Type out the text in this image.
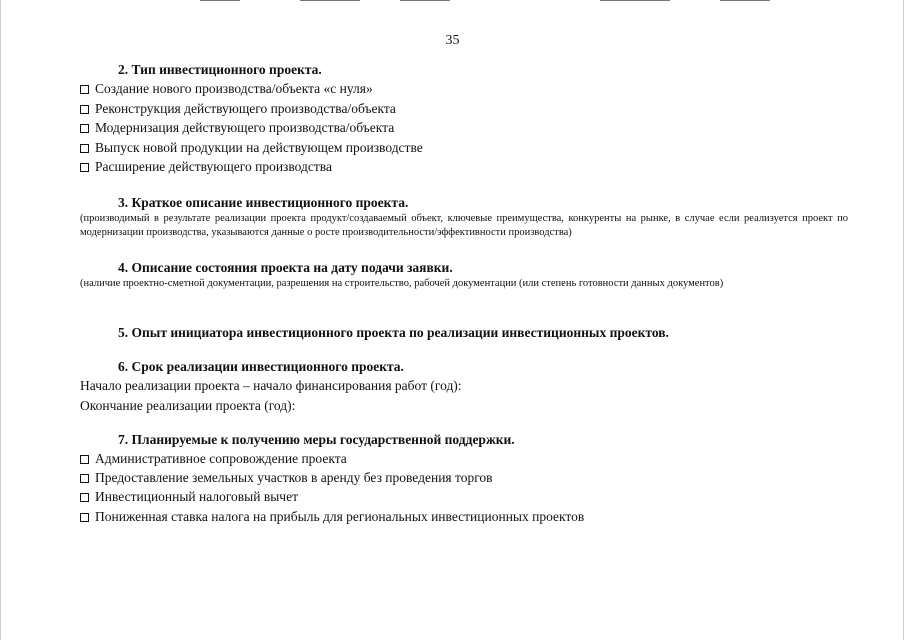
35
2. Тип инвестиционного проекта.
Создание нового производства/объекта «с нуля»
Реконструкция действующего производства/объекта
Модернизация действующего производства/объекта
Выпуск новой продукции на действующем производстве
Расширение действующего производства
3. Краткое описание инвестиционного проекта.
(производимый в результате реализации проекта продукт/создаваемый объект, ключевые преимущества, конкуренты на рынке, в случае если реализуется проект по модернизации производства, указываются данные о росте производительности/эффективности производства)
4. Описание состояния проекта на дату подачи заявки.
(наличие проектно-сметной документации, разрешения на строительство, рабочей документации (или степень готовности данных документов)
5. Опыт инициатора инвестиционного проекта по реализации инвестиционных проектов.
6. Срок реализации инвестиционного проекта.
Начало реализации проекта – начало финансирования работ (год):
Окончание реализации проекта (год):
7. Планируемые к получению меры государственной поддержки.
Административное сопровождение проекта
Предоставление земельных участков в аренду без проведения торгов
Инвестиционный налоговый вычет
Пониженная ставка налога на прибыль для региональных инвестиционных проектов
